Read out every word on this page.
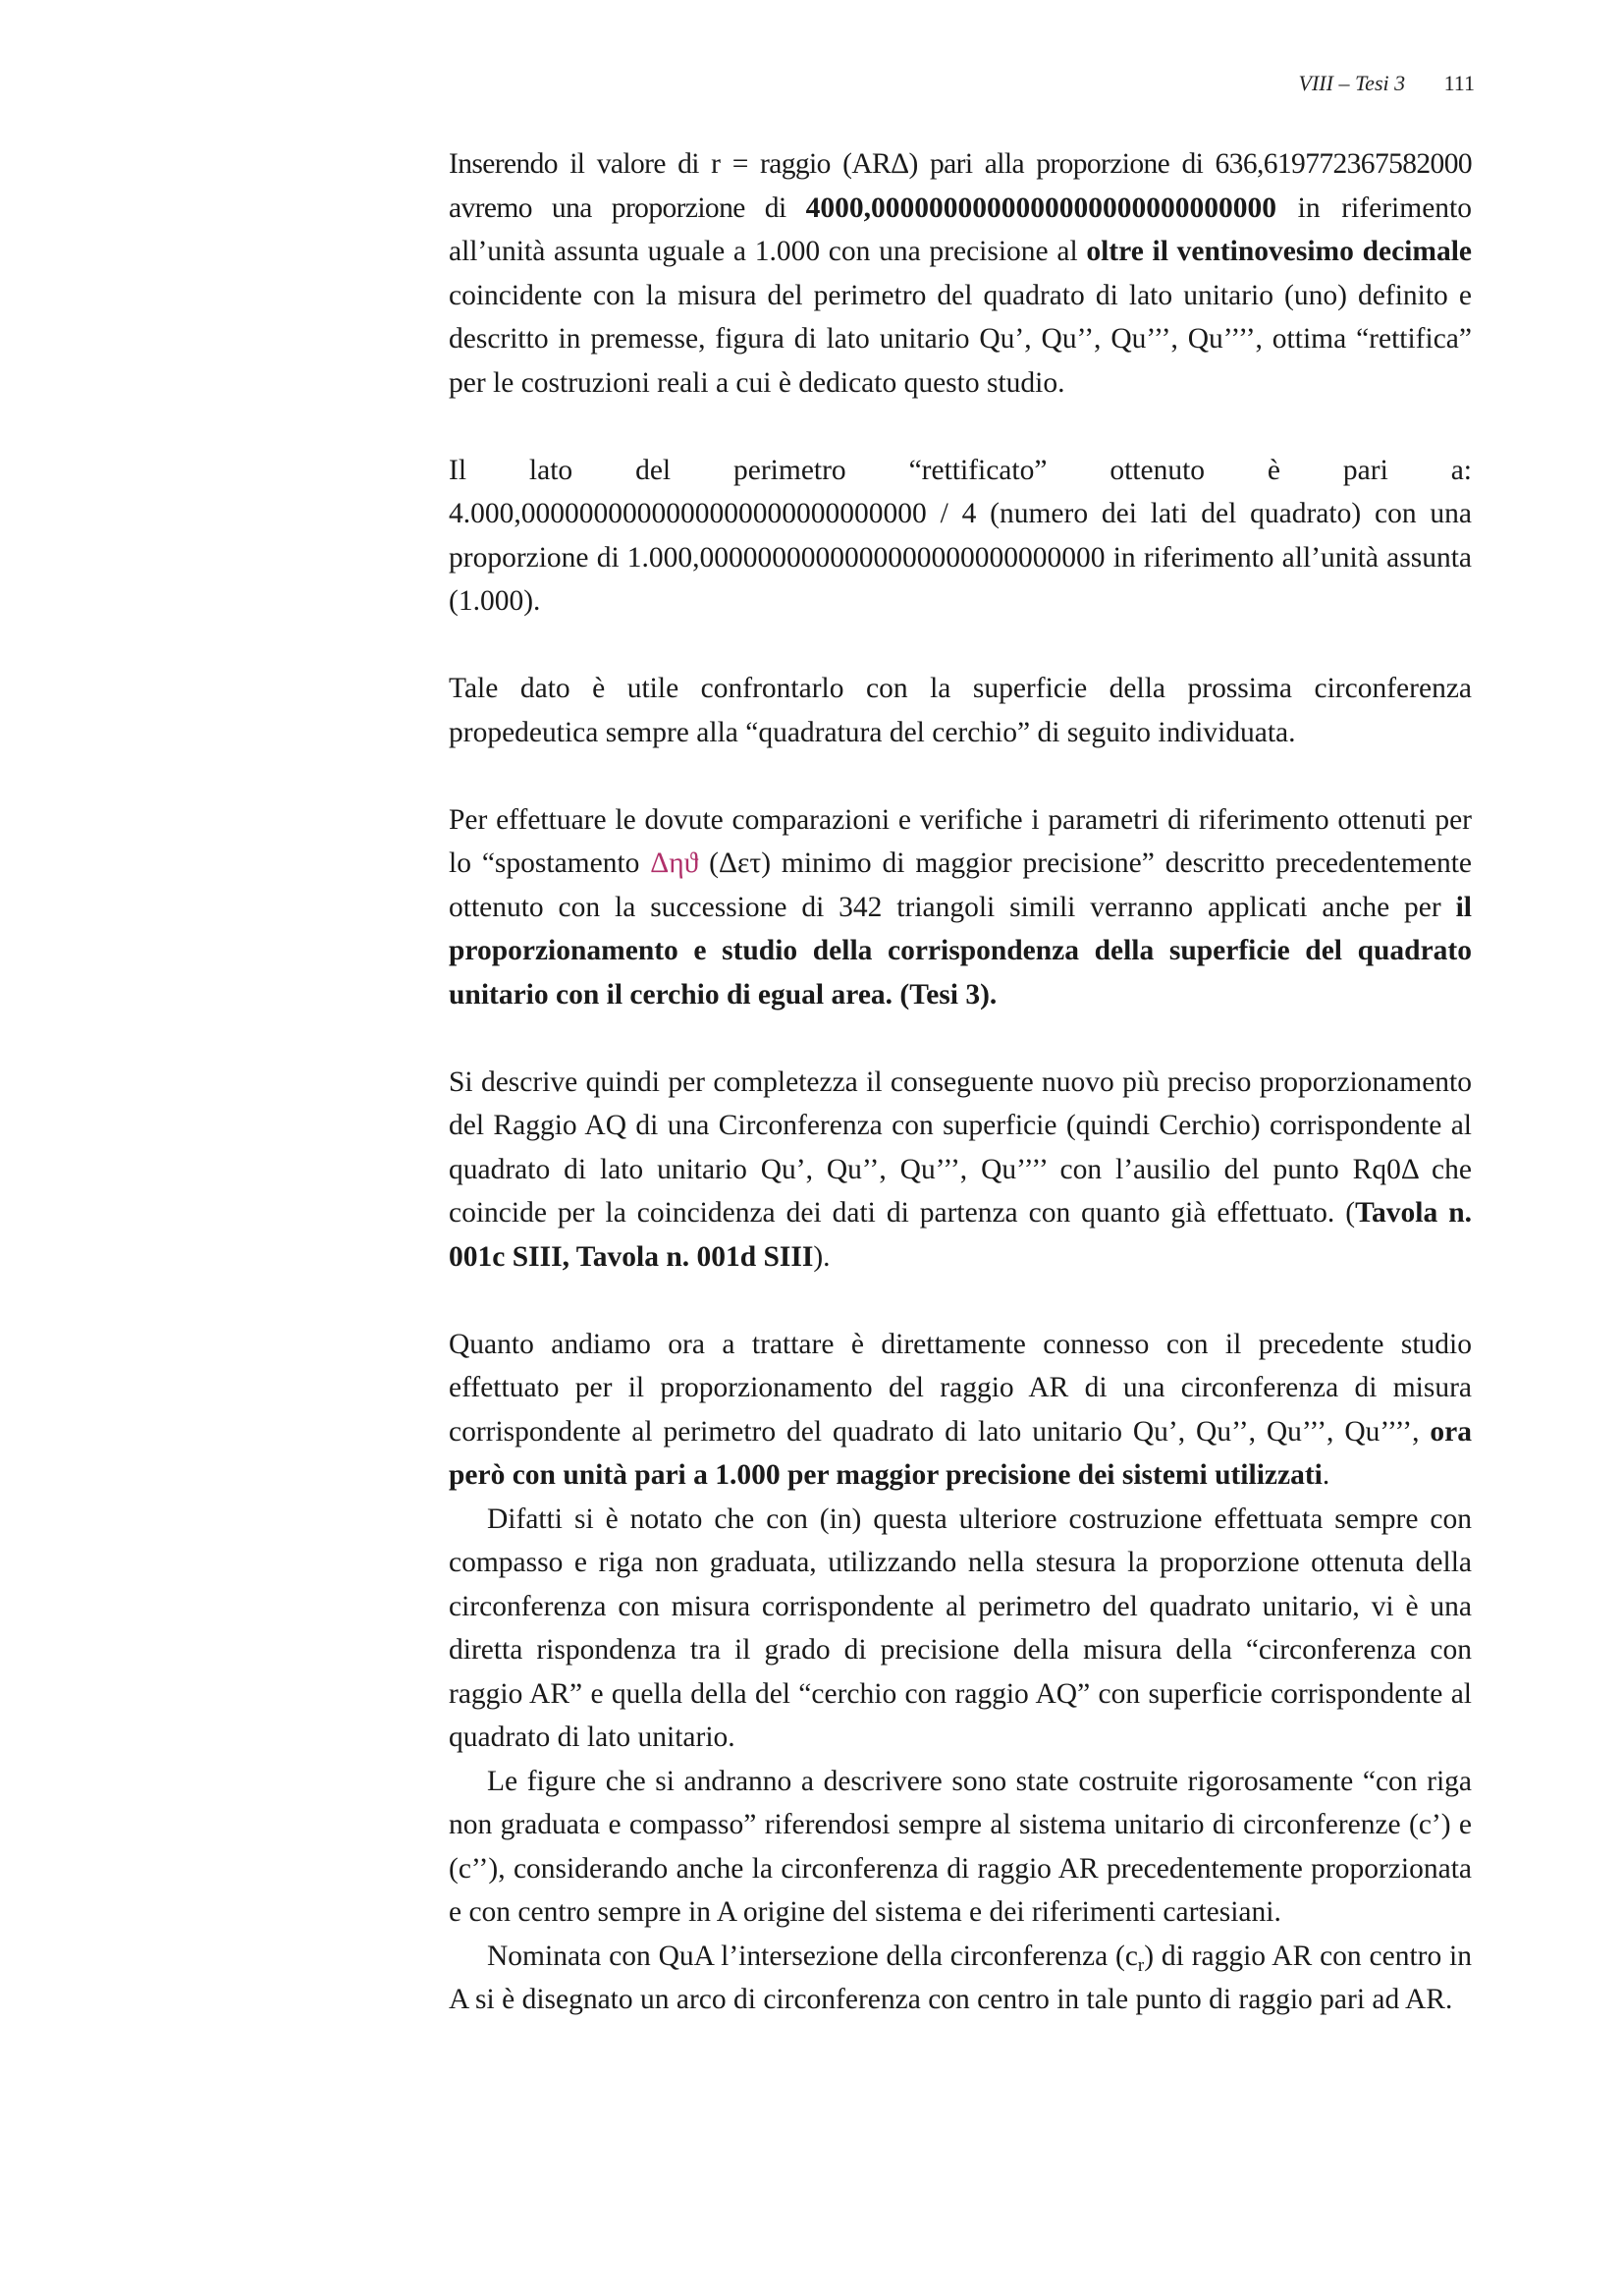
VIII – Tesi 3 111

Inserendo il valore di r = raggio (ARΔ) pari alla proporzione di 636,619772367582000 avremo una proporzione di 4000,0000000000000000000000000000 in riferimento all’unità assunta uguale a 1.000 con una precisione al oltre il ventinovesimo decimale coincidente con la misura del perimetro del quadrato di lato unitario (uno) definito e descritto in premesse, figura di lato unitario Qu’, Qu’’, Qu’’’, Qu’’’’, ottima “rettifica” per le costruzioni reali a cui è dedicato questo studio.

Il lato del perimetro “rettificato” ottenuto è pari a: 4.000,0000000000000000000000000000 / 4 (numero dei lati del quadrato) con una proporzione di 1.000,0000000000000000000000000000 in riferimento all’unità assunta (1.000).

Tale dato è utile confrontarlo con la superficie della prossima circonferenza propedeutica sempre alla “quadratura del cerchio” di seguito individuata.

Per effettuare le dovute comparazioni e verifiche i parametri di riferimento ottenuti per lo “spostamento Δηϑ (Δετ) minimo di maggior precisione” descritto precedentemente ottenuto con la successione di 342 triangoli simili verranno applicati anche per il proporzionamento e studio della corrispondenza della superficie del quadrato unitario con il cerchio di egual area. (Tesi 3).

Si descrive quindi per completezza il conseguente nuovo più preciso proporzionamento del Raggio AQ di una Circonferenza con superficie (quindi Cerchio) corrispondente al quadrato di lato unitario Qu’, Qu’’, Qu’’’, Qu’’’’ con l’ausilio del punto Rq0Δ che coincide per la coincidenza dei dati di partenza con quanto già effettuato. (Tavola n. 001c SIII, Tavola n. 001d SIII).

Quanto andiamo ora a trattare è direttamente connesso con il precedente studio effettuato per il proporzionamento del raggio AR di una circonferenza di misura corrispondente al perimetro del quadrato di lato unitario Qu’, Qu’’, Qu’’’, Qu’’’’, ora però con unità pari a 1.000 per maggior precisione dei sistemi utilizzati.

Difatti si è notato che con (in) questa ulteriore costruzione effettuata sempre con compasso e riga non graduata, utilizzando nella stesura la proporzione ottenuta della circonferenza con misura corrispondente al perimetro del quadrato unitario, vi è una diretta rispondenza tra il grado di precisione della misura della “circonferenza con raggio AR” e quella della del “cerchio con raggio AQ” con superficie corrispondente al quadrato di lato unitario.

Le figure che si andranno a descrivere sono state costruite rigorosamente “con riga non graduata e compasso” riferendosi sempre al sistema unitario di circonferenze (c’) e (c’’), considerando anche la circonferenza di raggio AR precedentemente proporzionata e con centro sempre in A origine del sistema e dei riferimenti cartesiani.

Nominata con QuA l’intersezione della circonferenza $(c_r)$ di raggio AR con centro in A si è disegnato un arco di circonferenza con centro in tale punto di raggio pari ad AR.
